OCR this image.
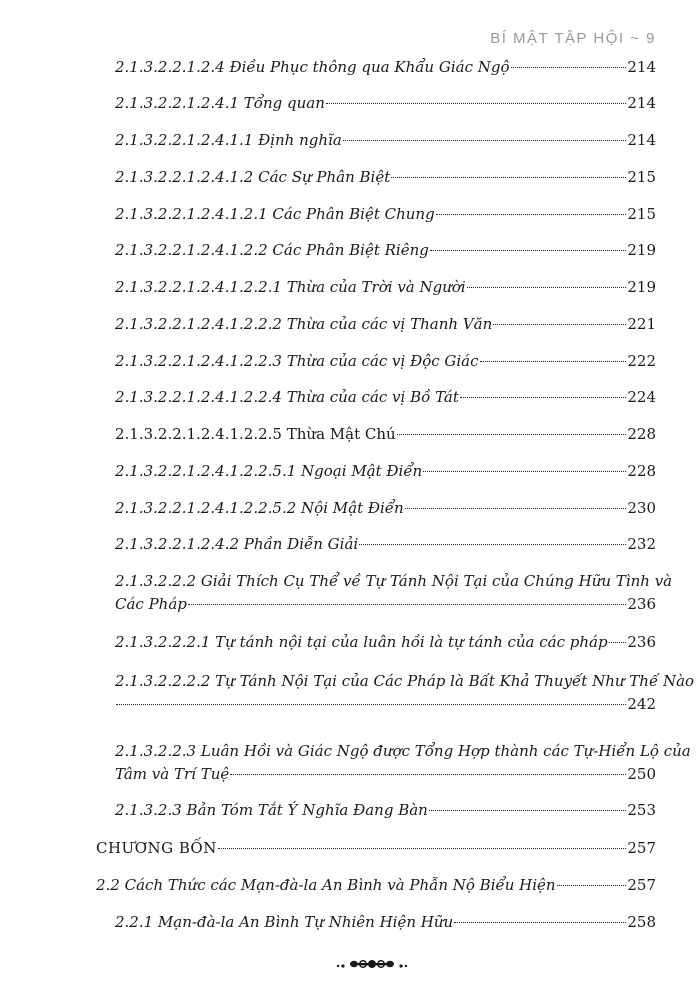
BÍ MẬT TẬP HỘI ~ 9
2.1.3.2.2.1.2.4 Điều Phục thông qua Khẩu Giác Ngộ	214
2.1.3.2.2.1.2.4.1 Tổng quan	214
2.1.3.2.2.1.2.4.1.1 Định nghĩa	214
2.1.3.2.2.1.2.4.1.2 Các Sự Phân Biệt	215
2.1.3.2.2.1.2.4.1.2.1 Các Phân Biệt Chung	215
2.1.3.2.2.1.2.4.1.2.2 Các Phân Biệt Riêng	219
2.1.3.2.2.1.2.4.1.2.2.1 Thừa của Trời và Người	219
2.1.3.2.2.1.2.4.1.2.2.2 Thừa của các vị Thanh Văn	221
2.1.3.2.2.1.2.4.1.2.2.3 Thừa của các vị Độc Giác	222
2.1.3.2.2.1.2.4.1.2.2.4 Thừa của các vị Bồ Tát	224
2.1.3.2.2.1.2.4.1.2.2.5 Thừa Mật Chú	228
2.1.3.2.2.1.2.4.1.2.2.5.1 Ngoại Mật Điển	228
2.1.3.2.2.1.2.4.1.2.2.5.2 Nội Mật Điển	230
2.1.3.2.2.1.2.4.2 Phần Diễn Giải	232
2.1.3.2.2.2 Giải Thích Cụ Thể về Tự Tánh Nội Tại của Chúng Hữu Tình và
Các Pháp	236
2.1.3.2.2.2.1 Tự tánh nội tại của luân hồi là tự tánh của các pháp 236
2.1.3.2.2.2.2 Tự Tánh Nội Tại của Các Pháp là Bất Khả Thuyết Như Thế Nào
242
2.1.3.2.2.3 Luân Hồi và Giác Ngộ được Tổng Hợp thành các Tự-Hiển Lộ của
Tâm và Trí Tuệ	250
2.1.3.2.3 Bản Tóm Tắt Ý Nghĩa Đang Bàn	253
CHƯƠNG BỐN	257
2.2 Cách Thức các Mạn-đà-la An Bình và Phẫn Nộ Biểu Hiện	257
2.2.1 Mạn-đà-la An Bình Tự Nhiên Hiện Hữu	258
